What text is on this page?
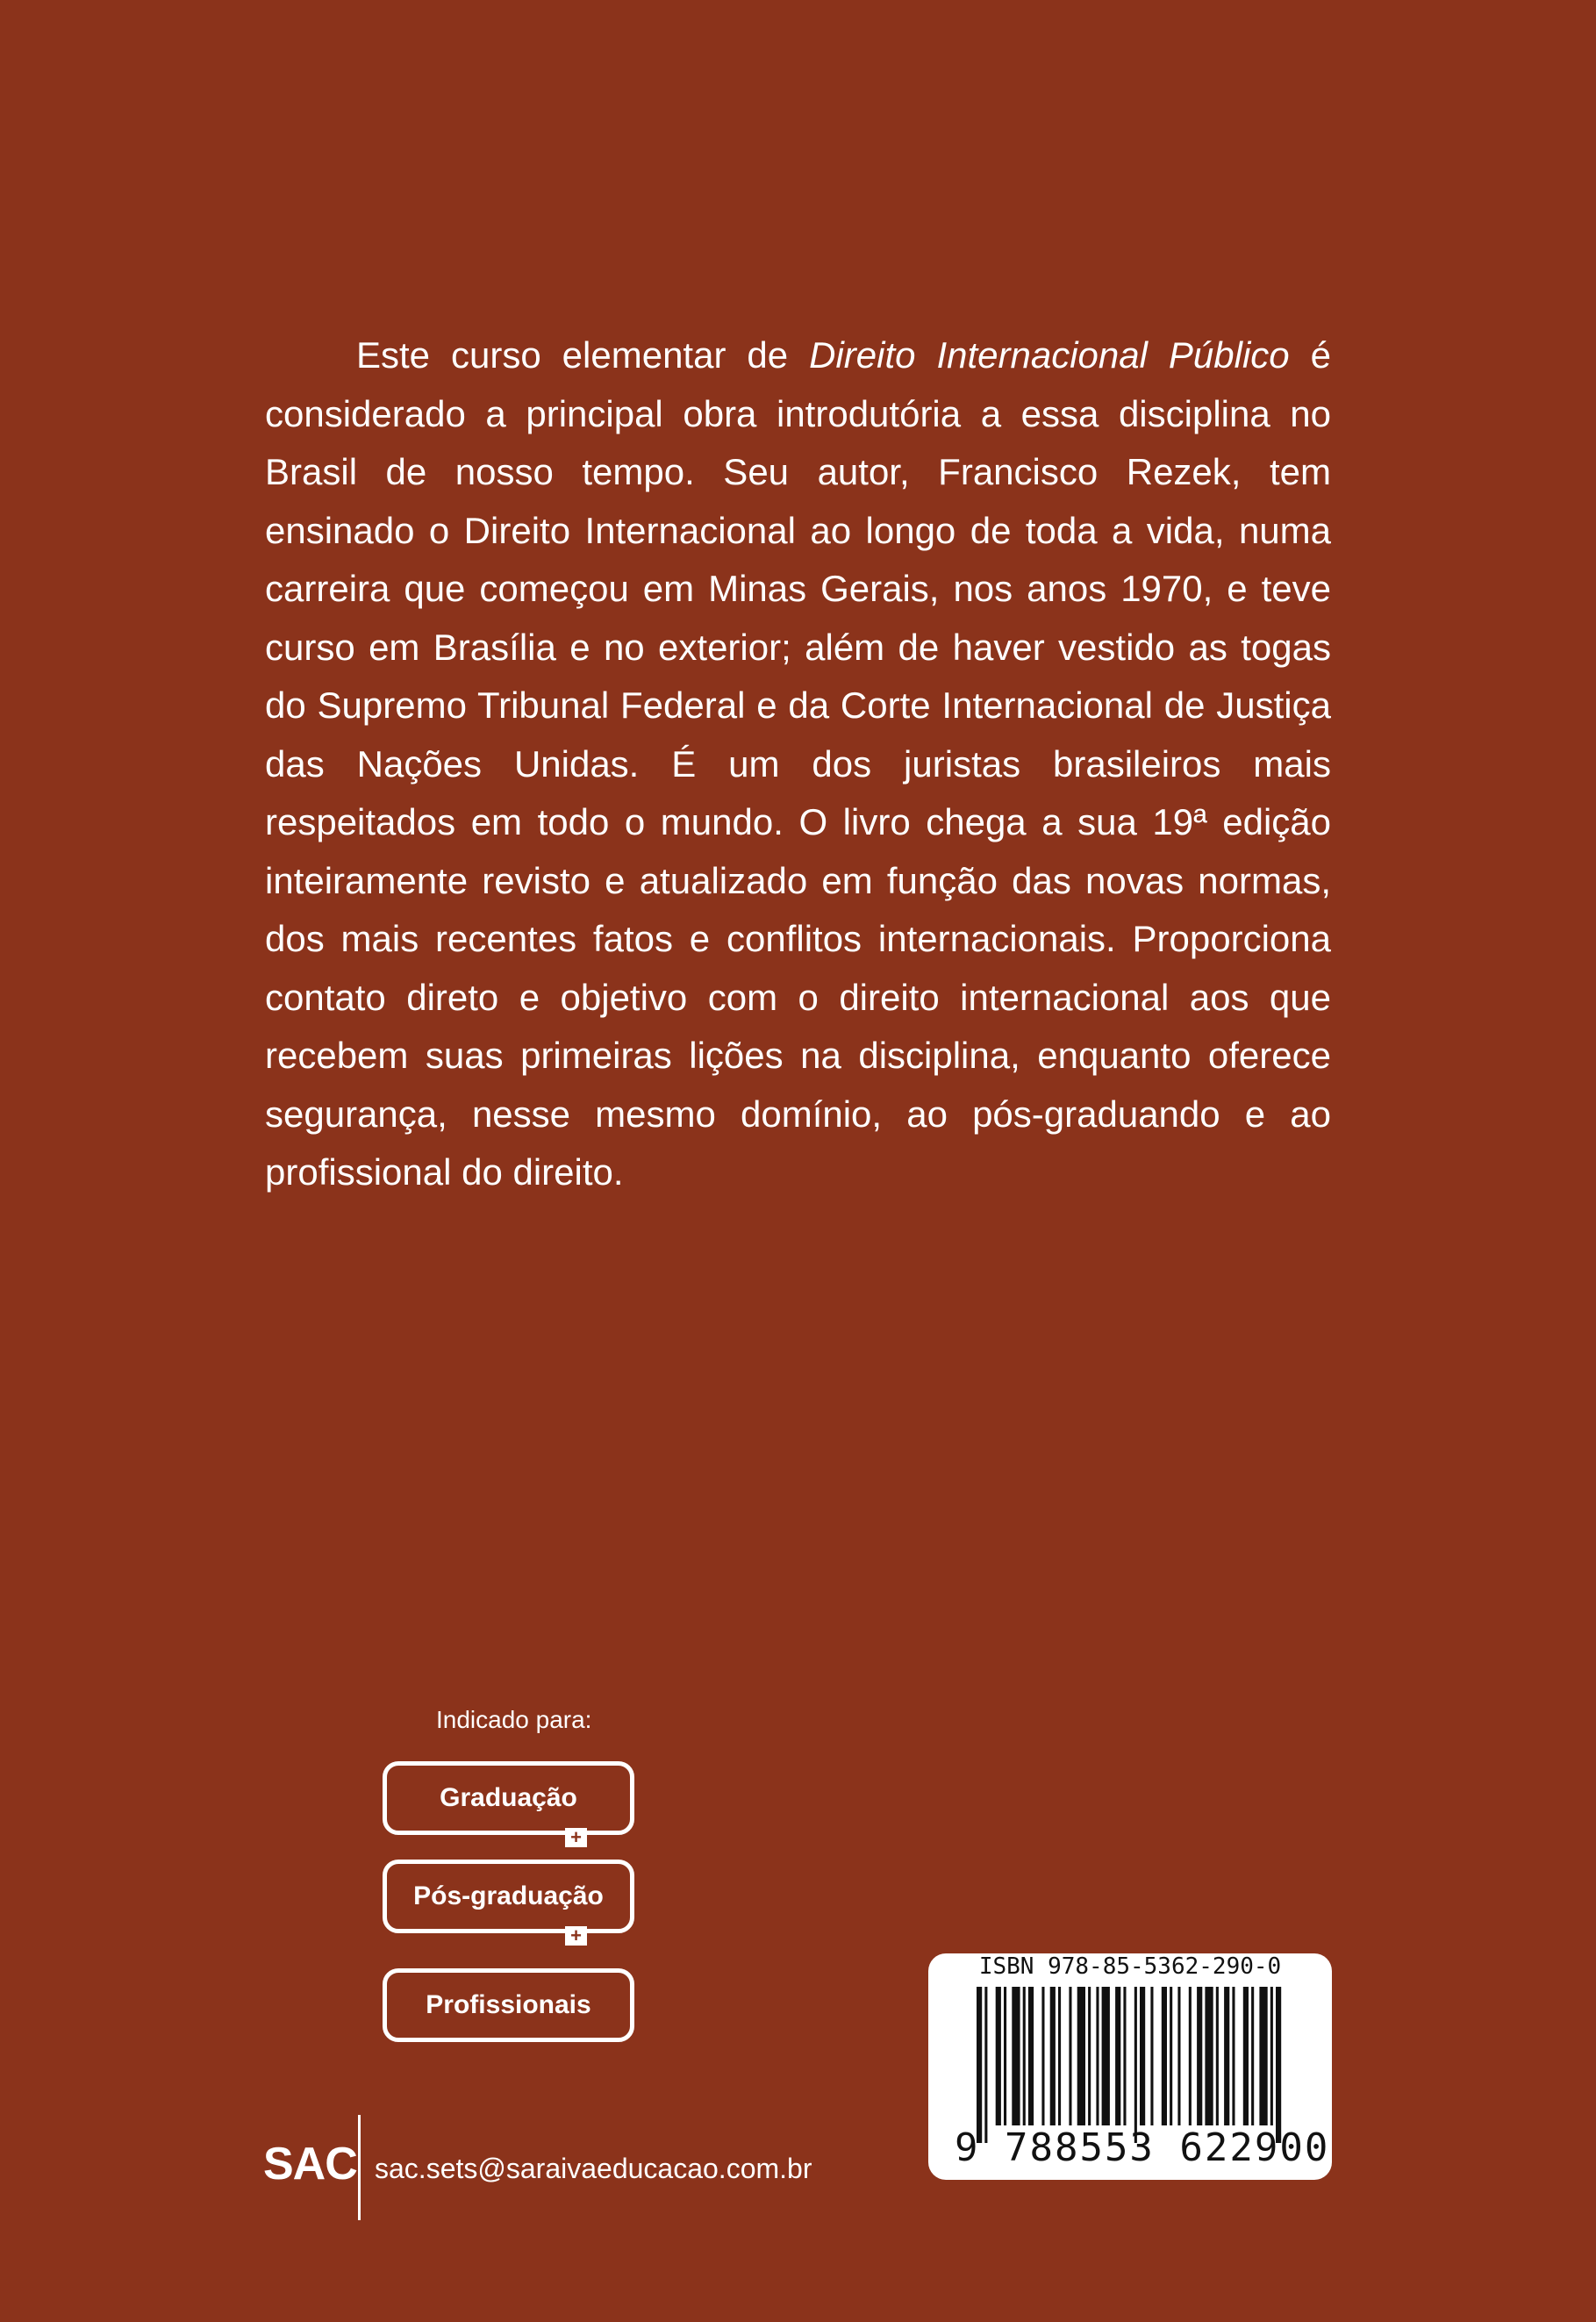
Este curso elementar de Direito Internacional Público é considerado a principal obra introdutória a essa disciplina no Brasil de nosso tempo. Seu autor, Francisco Rezek, tem ensinado o Direito Internacional ao longo de toda a vida, numa carreira que começou em Minas Gerais, nos anos 1970, e teve curso em Brasília e no exterior; além de haver vestido as togas do Supremo Tribunal Federal e da Corte Internacional de Justiça das Nações Unidas. É um dos juristas brasileiros mais respeitados em todo o mundo. O livro chega a sua 19ª edição inteiramente revisto e atualizado em função das novas normas, dos mais recentes fatos e conflitos internacionais. Proporciona contato direto e objetivo com o direito internacional aos que recebem suas primeiras lições na disciplina, enquanto oferece segurança, nesse mesmo domínio, ao pós-graduando e ao profissional do direito.

Indicado para:
Graduação
+
Pós-graduação
+
Profissionais
SAC sac.sets@saraivaeducacao.com.br
ISBN 978-85-5362-290-0
9 788553 622900
